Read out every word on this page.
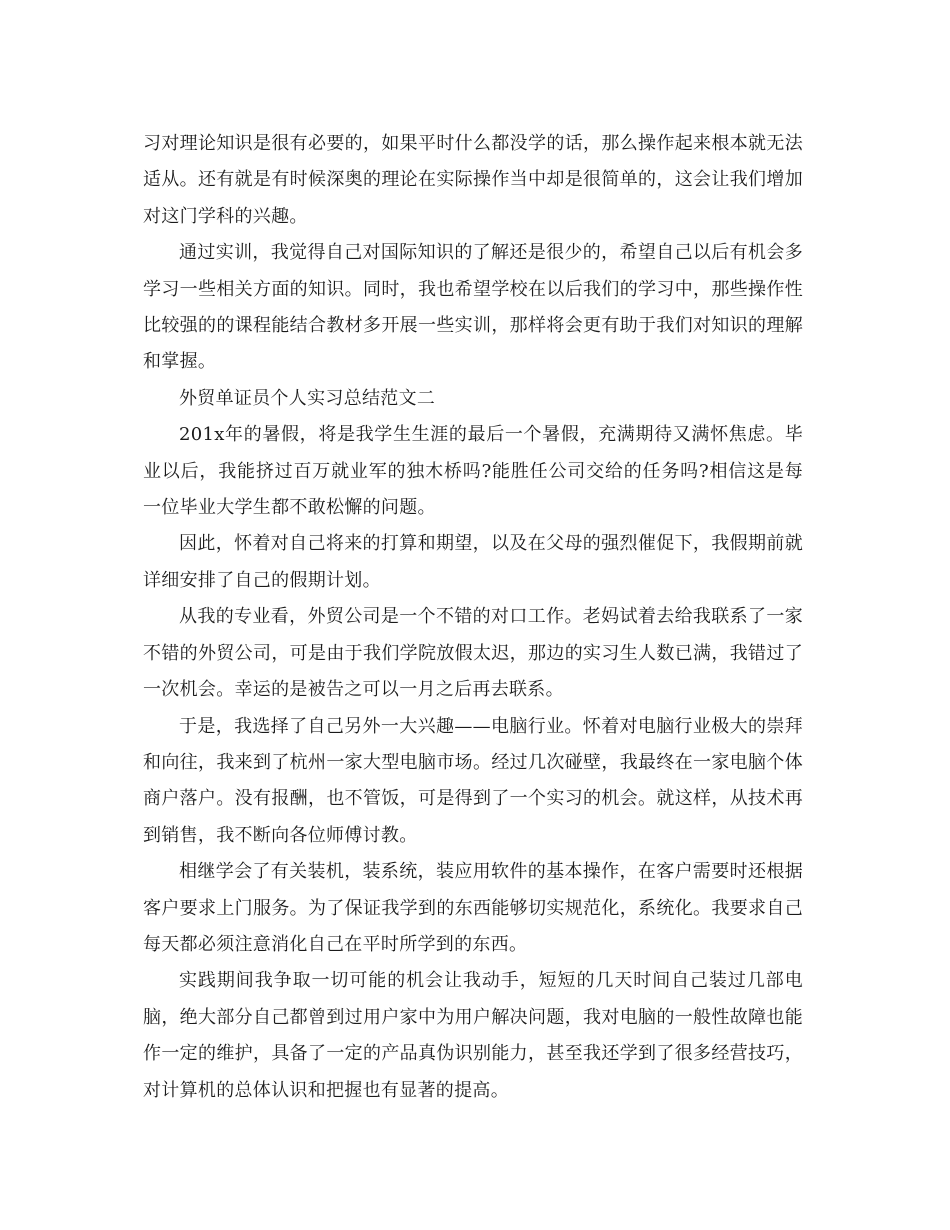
习对理论知识是很有必要的，如果平时什么都没学的话，那么操作起来根本就无法适从。还有就是有时候深奥的理论在实际操作当中却是很简单的，这会让我们增加对这门学科的兴趣。

通过实训，我觉得自己对国际知识的了解还是很少的，希望自己以后有机会多学习一些相关方面的知识。同时，我也希望学校在以后我们的学习中，那些操作性比较强的的课程能结合教材多开展一些实训，那样将会更有助于我们对知识的理解和掌握。

外贸单证员个人实习总结范文二

201x年的暑假，将是我学生生涯的最后一个暑假，充满期待又满怀焦虑。毕业以后，我能挤过百万就业军的独木桥吗?能胜任公司交给的任务吗?相信这是每一位毕业大学生都不敢松懈的问题。

因此，怀着对自己将来的打算和期望，以及在父母的强烈催促下，我假期前就详细安排了自己的假期计划。

从我的专业看，外贸公司是一个不错的对口工作。老妈试着去给我联系了一家不错的外贸公司，可是由于我们学院放假太迟，那边的实习生人数已满，我错过了一次机会。幸运的是被告之可以一月之后再去联系。

于是，我选择了自己另外一大兴趣——电脑行业。怀着对电脑行业极大的崇拜和向往，我来到了杭州一家大型电脑市场。经过几次碰壁，我最终在一家电脑个体商户落户。没有报酬，也不管饭，可是得到了一个实习的机会。就这样，从技术再到销售，我不断向各位师傅讨教。

相继学会了有关装机，装系统，装应用软件的基本操作，在客户需要时还根据客户要求上门服务。为了保证我学到的东西能够切实规范化，系统化。我要求自己每天都必须注意消化自己在平时所学到的东西。

实践期间我争取一切可能的机会让我动手，短短的几天时间自己装过几部电脑，绝大部分自己都曾到过用户家中为用户解决问题，我对电脑的一般性故障也能作一定的维护，具备了一定的产品真伪识别能力，甚至我还学到了很多经营技巧，对计算机的总体认识和把握也有显著的提高。
